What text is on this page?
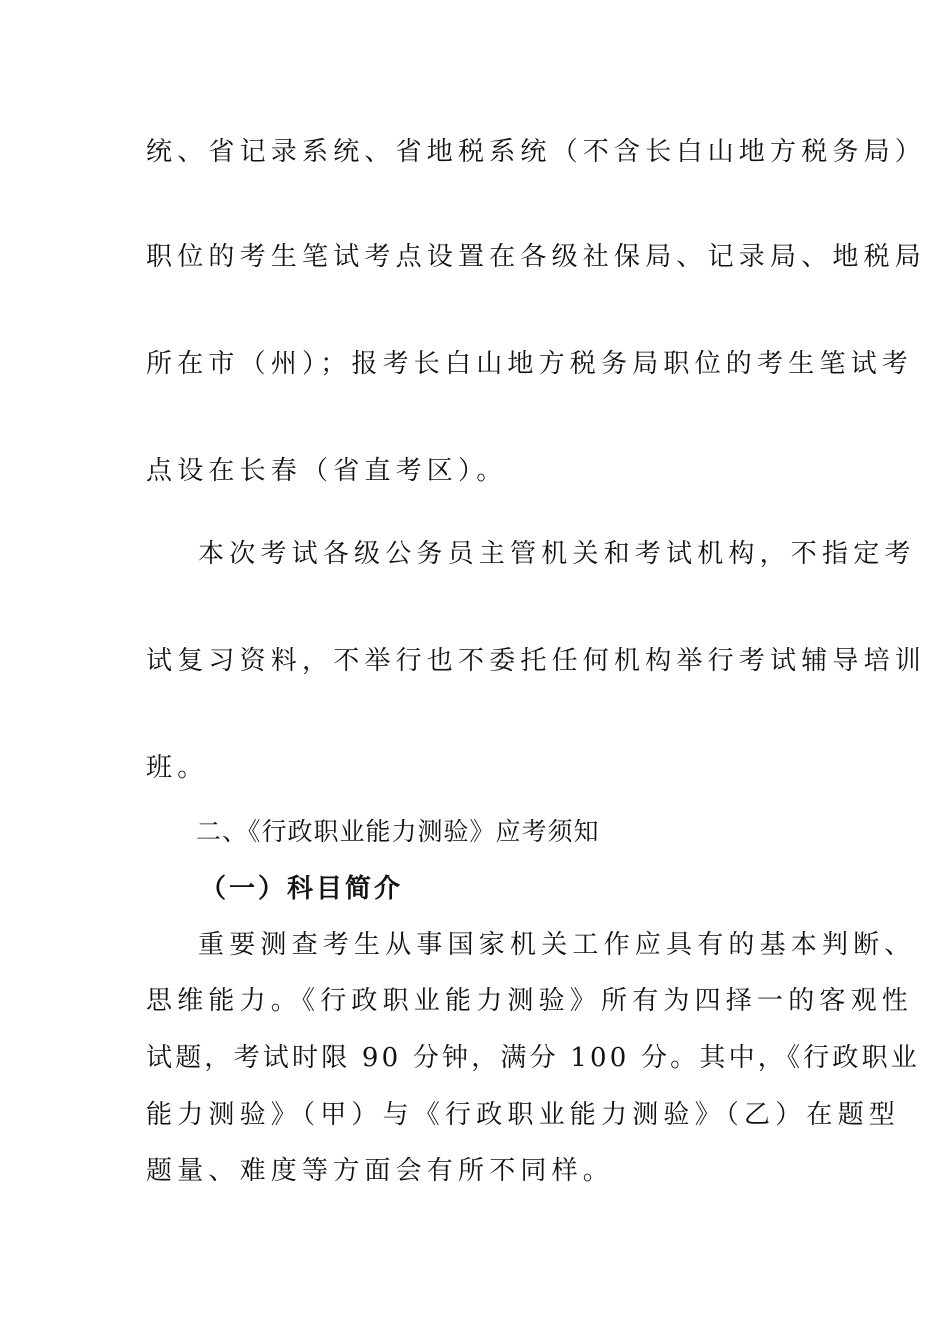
统、省记录系统、省地税系统（不含长白山地方税务局）
职位的考生笔试考点设置在各级社保局、记录局、地税局
所在市（州）；报考长白山地方税务局职位的考生笔试考
点设在长春（省直考区）。
本次考试各级公务员主管机关和考试机构，不指定考
试复习资料，不举行也不委托任何机构举行考试辅导培训
班。
二、《行政职业能力测验》应考须知
（一）科目简介
重要测查考生从事国家机关工作应具有的基本判断、
思维能力。《行政职业能力测验》所有为四择一的客观性
试题，考试时限 90 分钟，满分 100 分。其中，《行政职业
能力测验》（甲）与《行政职业能力测验》（乙）在题型
题量、难度等方面会有所不同样。
